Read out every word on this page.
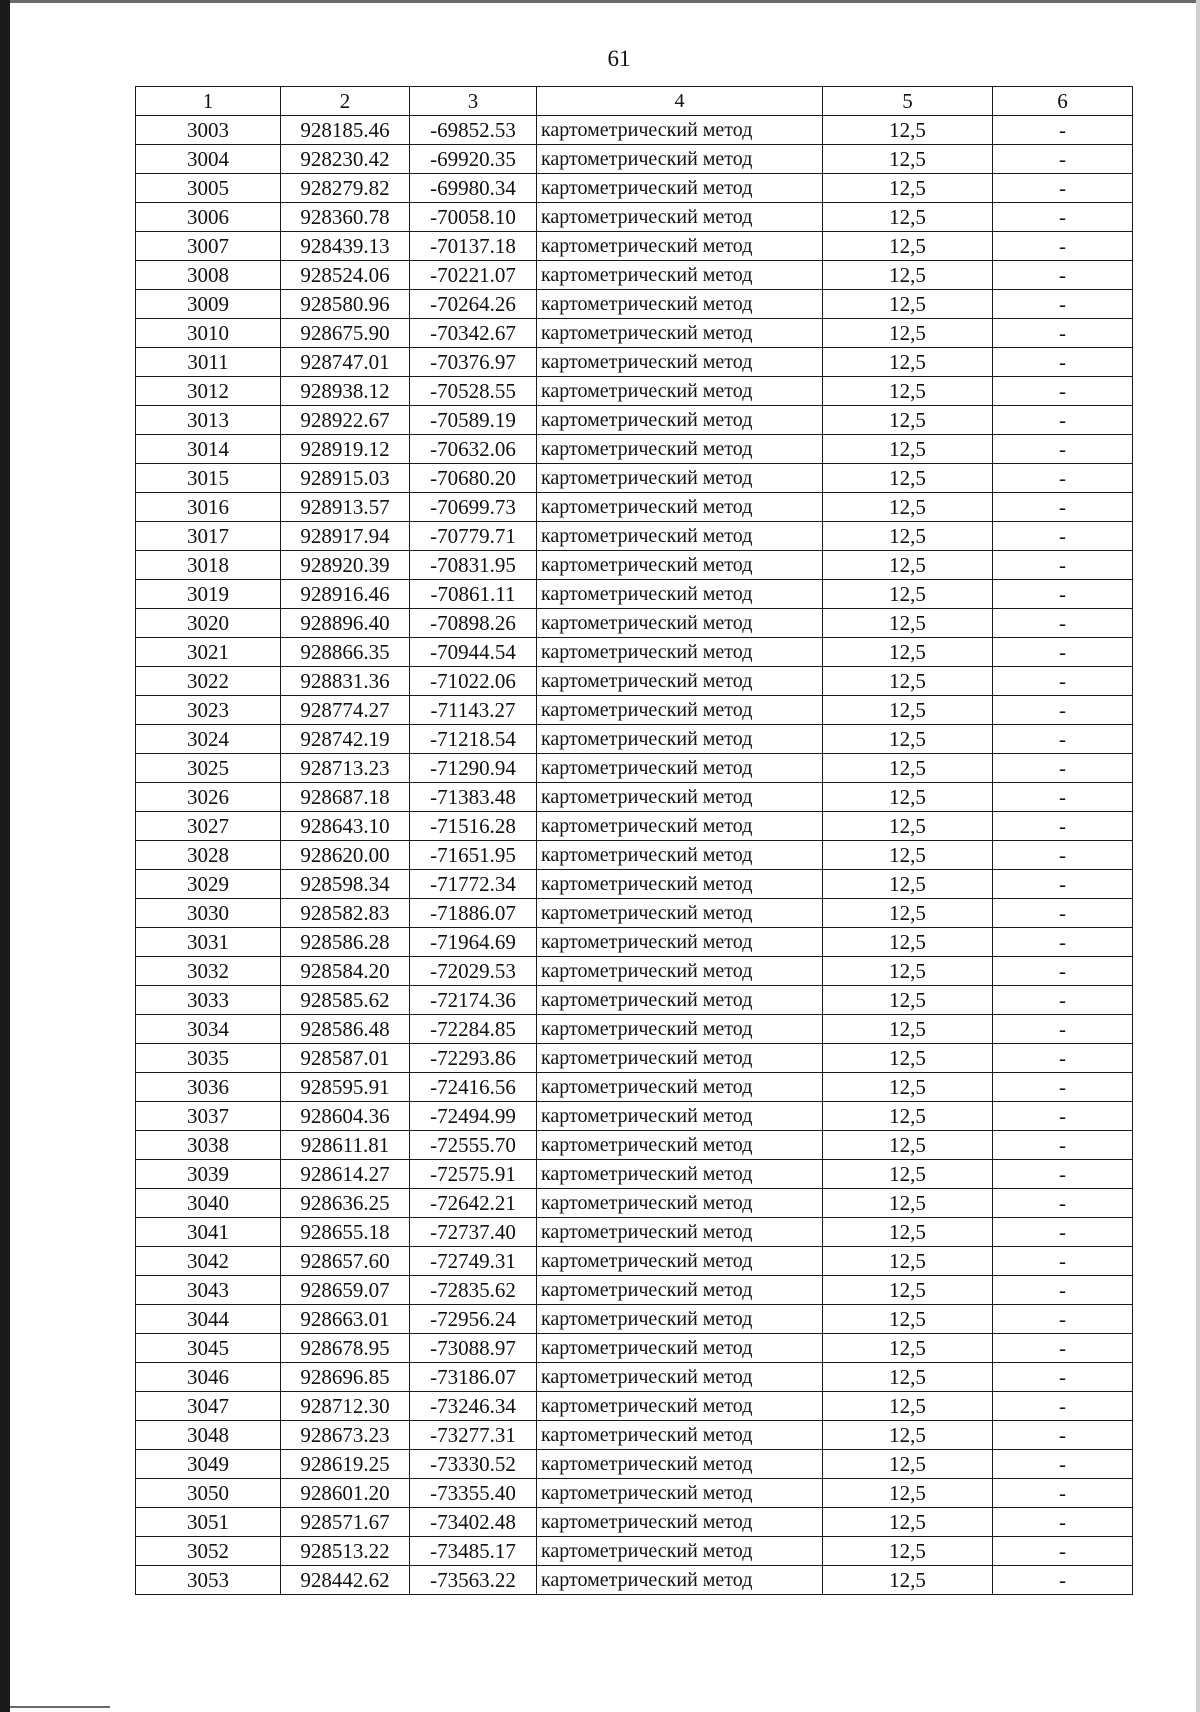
61
1	2	3	4	5	6
3003	928185.46	-69852.53	картометрический метод	12,5	-
3004	928230.42	-69920.35	картометрический метод	12,5	-
3005	928279.82	-69980.34	картометрический метод	12,5	-
3006	928360.78	-70058.10	картометрический метод	12,5	-
3007	928439.13	-70137.18	картометрический метод	12,5	-
3008	928524.06	-70221.07	картометрический метод	12,5	-
3009	928580.96	-70264.26	картометрический метод	12,5	-
3010	928675.90	-70342.67	картометрический метод	12,5	-
3011	928747.01	-70376.97	картометрический метод	12,5	-
3012	928938.12	-70528.55	картометрический метод	12,5	-
3013	928922.67	-70589.19	картометрический метод	12,5	-
3014	928919.12	-70632.06	картометрический метод	12,5	-
3015	928915.03	-70680.20	картометрический метод	12,5	-
3016	928913.57	-70699.73	картометрический метод	12,5	-
3017	928917.94	-70779.71	картометрический метод	12,5	-
3018	928920.39	-70831.95	картометрический метод	12,5	-
3019	928916.46	-70861.11	картометрический метод	12,5	-
3020	928896.40	-70898.26	картометрический метод	12,5	-
3021	928866.35	-70944.54	картометрический метод	12,5	-
3022	928831.36	-71022.06	картометрический метод	12,5	-
3023	928774.27	-71143.27	картометрический метод	12,5	-
3024	928742.19	-71218.54	картометрический метод	12,5	-
3025	928713.23	-71290.94	картометрический метод	12,5	-
3026	928687.18	-71383.48	картометрический метод	12,5	-
3027	928643.10	-71516.28	картометрический метод	12,5	-
3028	928620.00	-71651.95	картометрический метод	12,5	-
3029	928598.34	-71772.34	картометрический метод	12,5	-
3030	928582.83	-71886.07	картометрический метод	12,5	-
3031	928586.28	-71964.69	картометрический метод	12,5	-
3032	928584.20	-72029.53	картометрический метод	12,5	-
3033	928585.62	-72174.36	картометрический метод	12,5	-
3034	928586.48	-72284.85	картометрический метод	12,5	-
3035	928587.01	-72293.86	картометрический метод	12,5	-
3036	928595.91	-72416.56	картометрический метод	12,5	-
3037	928604.36	-72494.99	картометрический метод	12,5	-
3038	928611.81	-72555.70	картометрический метод	12,5	-
3039	928614.27	-72575.91	картометрический метод	12,5	-
3040	928636.25	-72642.21	картометрический метод	12,5	-
3041	928655.18	-72737.40	картометрический метод	12,5	-
3042	928657.60	-72749.31	картометрический метод	12,5	-
3043	928659.07	-72835.62	картометрический метод	12,5	-
3044	928663.01	-72956.24	картометрический метод	12,5	-
3045	928678.95	-73088.97	картометрический метод	12,5	-
3046	928696.85	-73186.07	картометрический метод	12,5	-
3047	928712.30	-73246.34	картометрический метод	12,5	-
3048	928673.23	-73277.31	картометрический метод	12,5	-
3049	928619.25	-73330.52	картометрический метод	12,5	-
3050	928601.20	-73355.40	картометрический метод	12,5	-
3051	928571.67	-73402.48	картометрический метод	12,5	-
3052	928513.22	-73485.17	картометрический метод	12,5	-
3053	928442.62	-73563.22	картометрический метод	12,5	-
